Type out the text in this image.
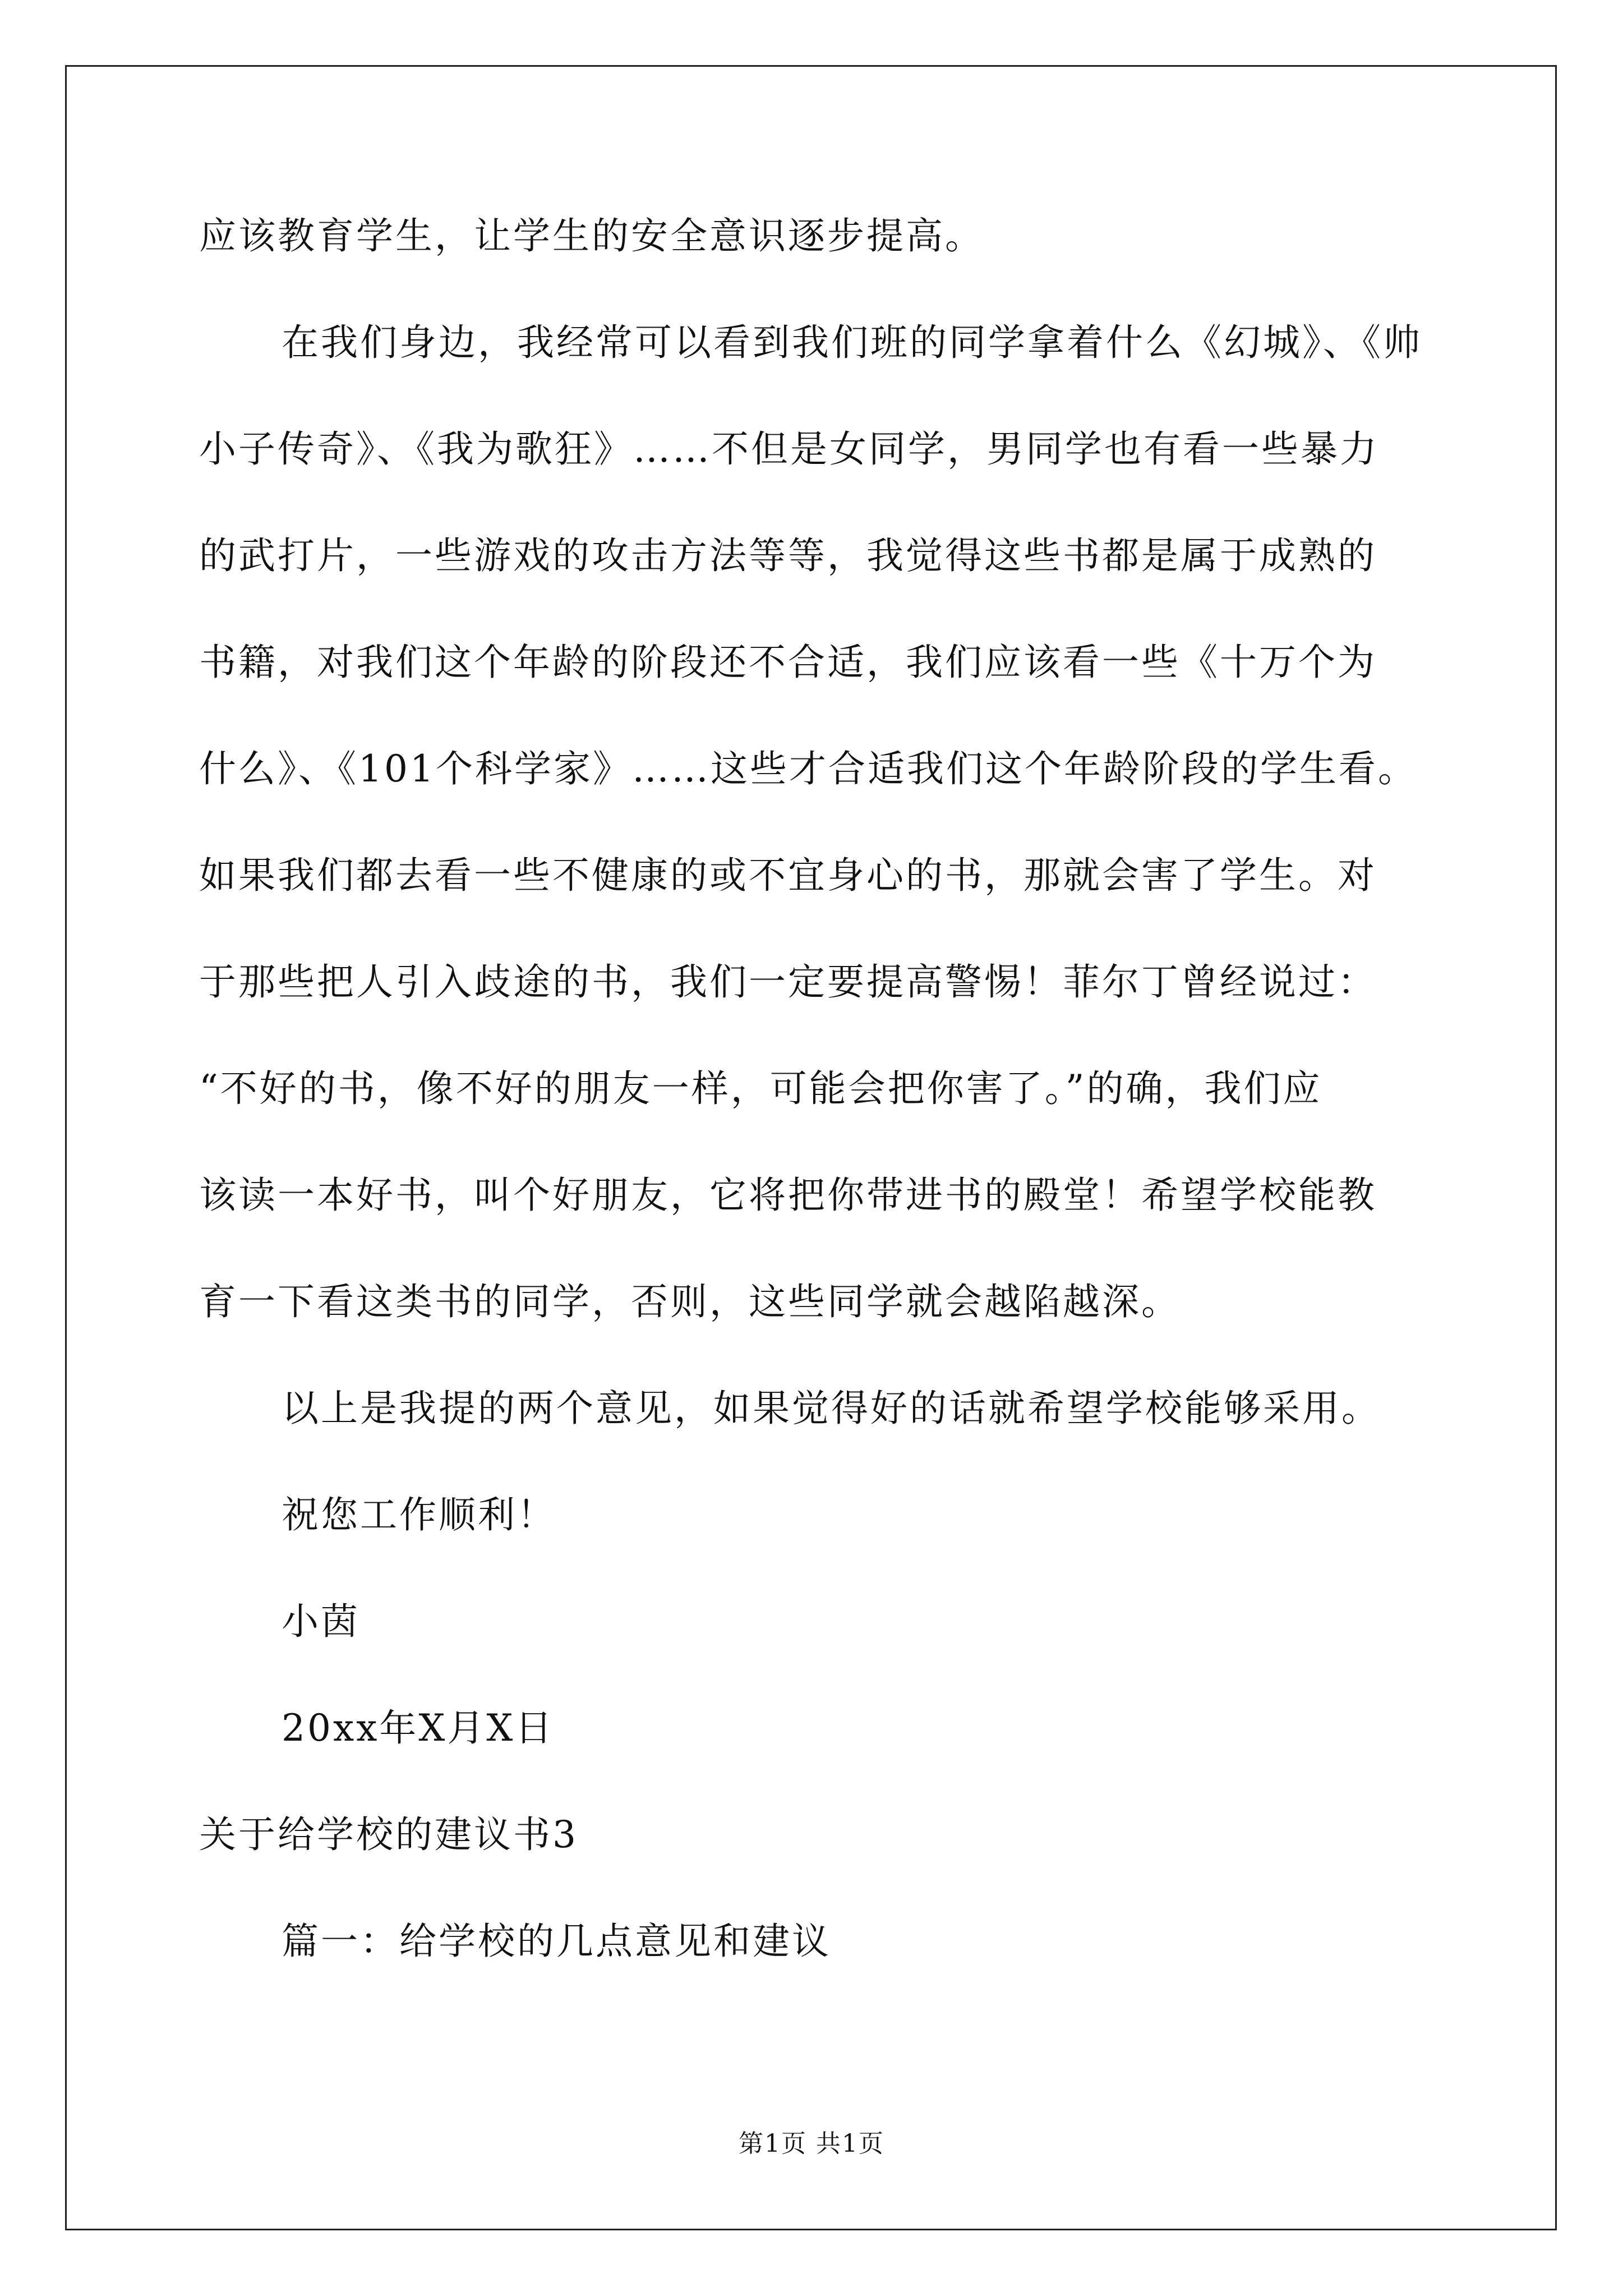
应该教育学生，让学生的安全意识逐步提高。
在我们身边，我经常可以看到我们班的同学拿着什么《幻城》、《帅
小子传奇》、《我为歌狂》……不但是女同学，男同学也有看一些暴力
的武打片，一些游戏的攻击方法等等，我觉得这些书都是属于成熟的
书籍，对我们这个年龄的阶段还不合适，我们应该看一些《十万个为
什么》、《101个科学家》……这些才合适我们这个年龄阶段的学生看。
如果我们都去看一些不健康的或不宜身心的书，那就会害了学生。对
于那些把人引入歧途的书，我们一定要提高警惕！菲尔丁曾经说过：
“不好的书，像不好的朋友一样，可能会把你害了。”的确，我们应
该读一本好书，叫个好朋友，它将把你带进书的殿堂！希望学校能教
育一下看这类书的同学，否则，这些同学就会越陷越深。
以上是我提的两个意见，如果觉得好的话就希望学校能够采用。
祝您工作顺利！
小茵
20xx年X月X日
关于给学校的建议书3
篇一：给学校的几点意见和建议
第1页 共1页
